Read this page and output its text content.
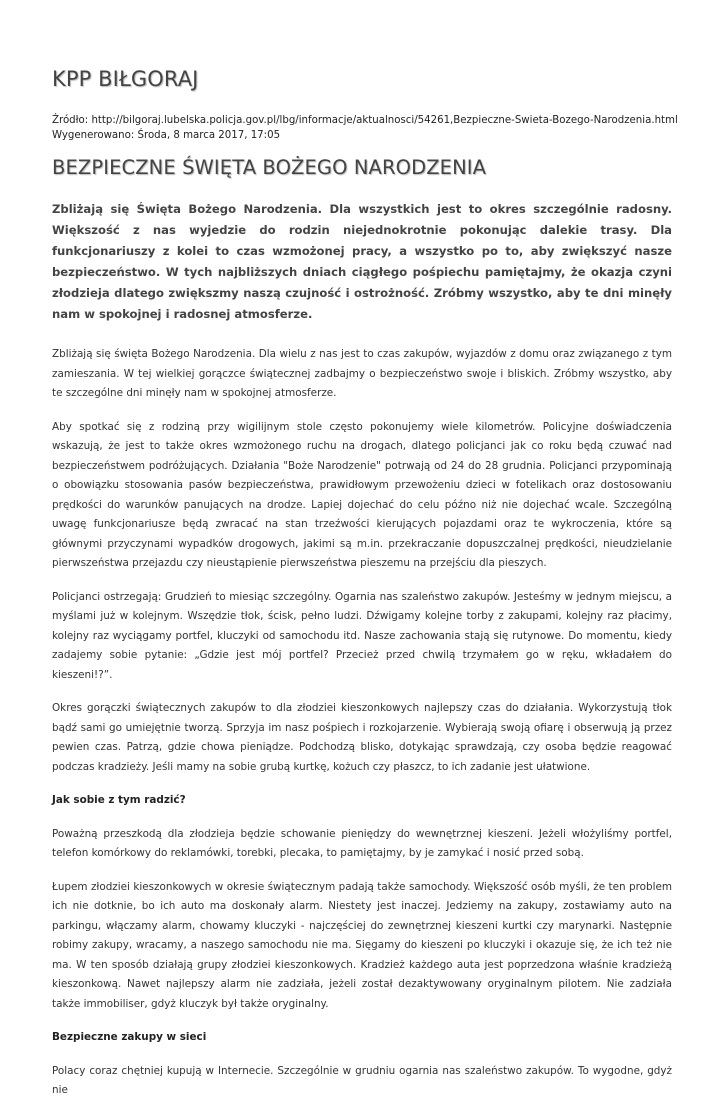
KPP BIŁGORAJ
Źródło: http://bilgoraj.lubelska.policja.gov.pl/lbg/informacje/aktualnosci/54261,Bezpieczne-Swieta-Bozego-Narodzenia.html
Wygenerowano: Środa, 8 marca 2017, 17:05
BEZPIECZNE ŚWIĘTA BOŻEGO NARODZENIA
Zbliżają się Święta Bożego Narodzenia. Dla wszystkich jest to okres szczególnie radosny. Większość z nas wyjedzie do rodzin niejednokrotnie pokonując dalekie trasy. Dla funkcjonariuszy z kolei to czas wzmożonej pracy, a wszystko po to, aby zwiększyć nasze bezpieczeństwo. W tych najbliższych dniach ciągłego pośpiechu pamiętajmy, że okazja czyni złodzieja dlatego zwiększmy naszą czujność i ostrożność. Zróbmy wszystko, aby te dni minęły nam w spokojnej i radosnej atmosferze.
Zbliżają się święta Bożego Narodzenia. Dla wielu z nas jest to czas zakupów, wyjazdów z domu oraz związanego z tym zamieszania. W tej wielkiej gorączce świątecznej zadbajmy o bezpieczeństwo swoje i bliskich. Zróbmy wszystko, aby te szczególne dni minęły nam w spokojnej atmosferze.
Aby spotkać się z rodziną przy wigilijnym stole często pokonujemy wiele kilometrów. Policyjne doświadczenia wskazują, że jest to także okres wzmożonego ruchu na drogach, dlatego policjanci jak co roku będą czuwać nad bezpieczeństwem podróżujących. Działania "Boże Narodzenie" potrwają od 24 do 28 grudnia. Policjanci przypominają o obowiązku stosowania pasów bezpieczeństwa, prawidłowym przewożeniu dzieci w fotelikach oraz dostosowaniu prędkości do warunków panujących na drodze. Lapiej dojechać do celu późno niż nie dojechać wcale. Szczególną uwagę funkcjonariusze będą zwracać na stan trzeźwości kierujących pojazdami oraz te wykroczenia, które są głównymi przyczynami wypadków drogowych, jakimi są m.in. przekraczanie dopuszczalnej prędkości, nieudzielanie pierwszeństwa przejazdu czy nieustąpienie pierwszeństwa pieszemu na przejściu dla pieszych.
Policjanci ostrzegają: Grudzień to miesiąc szczególny. Ogarnia nas szaleństwo zakupów. Jesteśmy w jednym miejscu, a myślami już w kolejnym. Wszędzie tłok, ścisk, pełno ludzi. Dźwigamy kolejne torby z zakupami, kolejny raz płacimy, kolejny raz wyciągamy portfel, kluczyki od samochodu itd. Nasze zachowania stają się rutynowe. Do momentu, kiedy zadajemy sobie pytanie: „Gdzie jest mój portfel? Przecież przed chwilą trzymałem go w ręku, wkładałem do kieszeni!?”.
Okres gorączki świątecznych zakupów to dla złodziei kieszonkowych najlepszy czas do działania. Wykorzystują tłok bądź sami go umiejętnie tworzą. Sprzyja im nasz pośpiech i rozkojarzenie. Wybierają swoją ofiarę i obserwują ją przez pewien czas. Patrzą, gdzie chowa pieniądze. Podchodzą blisko, dotykając sprawdzają, czy osoba będzie reagować podczas kradzieży. Jeśli mamy na sobie grubą kurtkę, kożuch czy płaszcz, to ich zadanie jest ułatwione.
Jak sobie z tym radzić?
Poważną przeszkodą dla złodzieja będzie schowanie pieniędzy do wewnętrznej kieszeni. Jeżeli włożyliśmy portfel, telefon komórkowy do reklamówki, torebki, plecaka, to pamiętajmy, by je zamykać i nosić przed sobą.
Łupem złodziei kieszonkowych w okresie świątecznym padają także samochody. Większość osób myśli, że ten problem ich nie dotknie, bo ich auto ma doskonały alarm. Niestety jest inaczej. Jedziemy na zakupy, zostawiamy auto na parkingu, włączamy alarm, chowamy kluczyki - najczęściej do zewnętrznej kieszeni kurtki czy marynarki. Następnie robimy zakupy, wracamy, a naszego samochodu nie ma. Sięgamy do kieszeni po kluczyki i okazuje się, że ich też nie ma. W ten sposób działają grupy złodziei kieszonkowych. Kradzież każdego auta jest poprzedzona właśnie kradzieżą kieszonkową. Nawet najlepszy alarm nie zadziała, jeżeli został dezaktywowany oryginalnym pilotem. Nie zadziała także immobiliser, gdyż kluczyk był także oryginalny.
Bezpieczne zakupy w sieci
Polacy coraz chętniej kupują w Internecie. Szczególnie w grudniu ogarnia nas szaleństwo zakupów. To wygodne, gdyż nie
